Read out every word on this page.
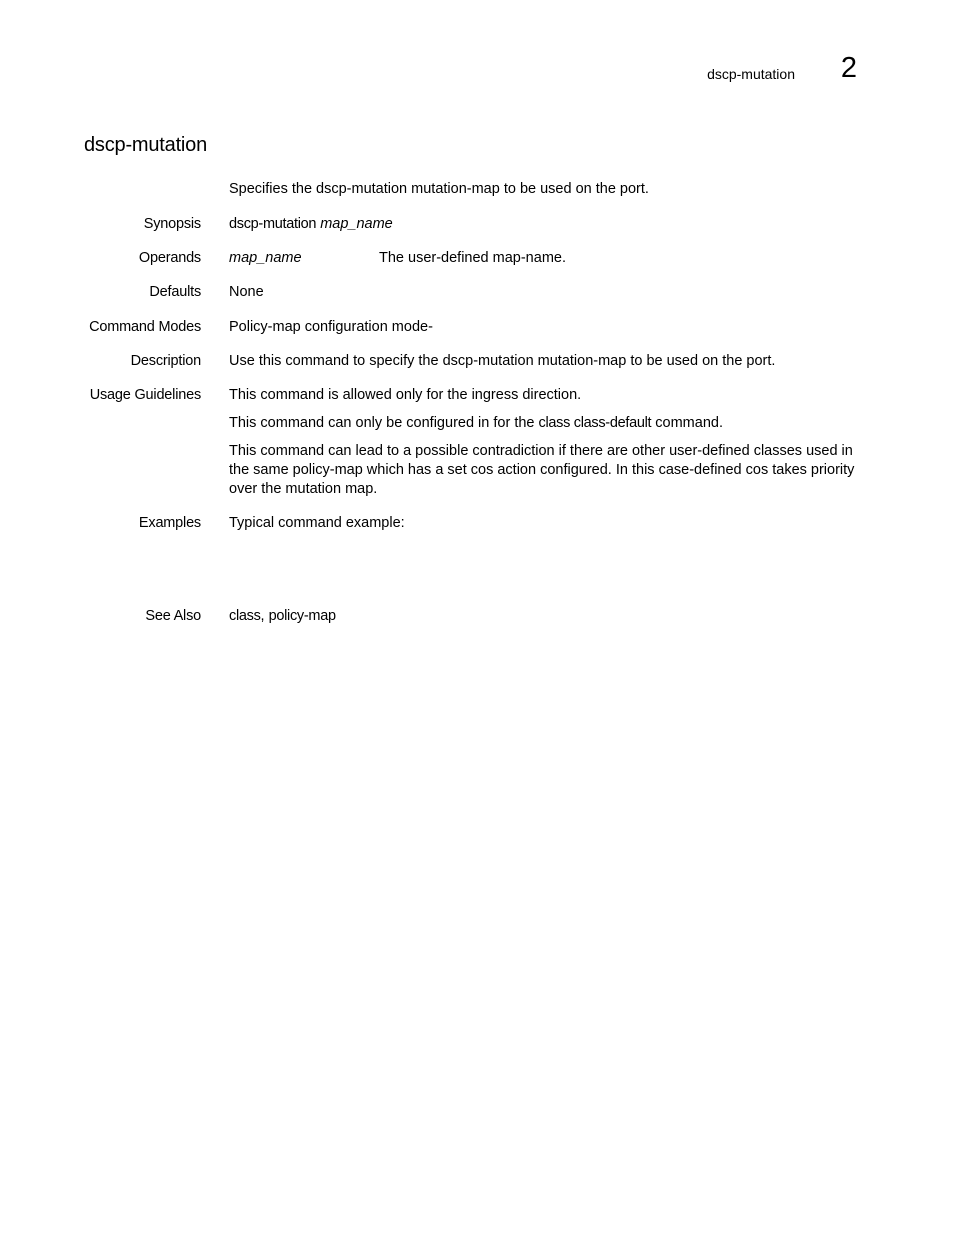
dscp-mutation 2
dscp-mutation
Specifies the dscp-mutation mutation-map to be used on the port.
Synopsis dscp-mutation map_name
Operands map_name	The user-defined map-name.
Defaults None
Command Modes Policy-map configuration mode-
Description Use this command to specify the dscp-mutation mutation-map to be used on the port.
Usage Guidelines This command is allowed only for the ingress direction.

This command can only be configured in for the class class-default command.

This command can lead to a possible contradiction if there are other user-defined classes used in the same policy-map which has a set cos action configured. In this case-defined cos takes priority over the mutation map.

Examples Typical command example:
See Also class, policy-map
